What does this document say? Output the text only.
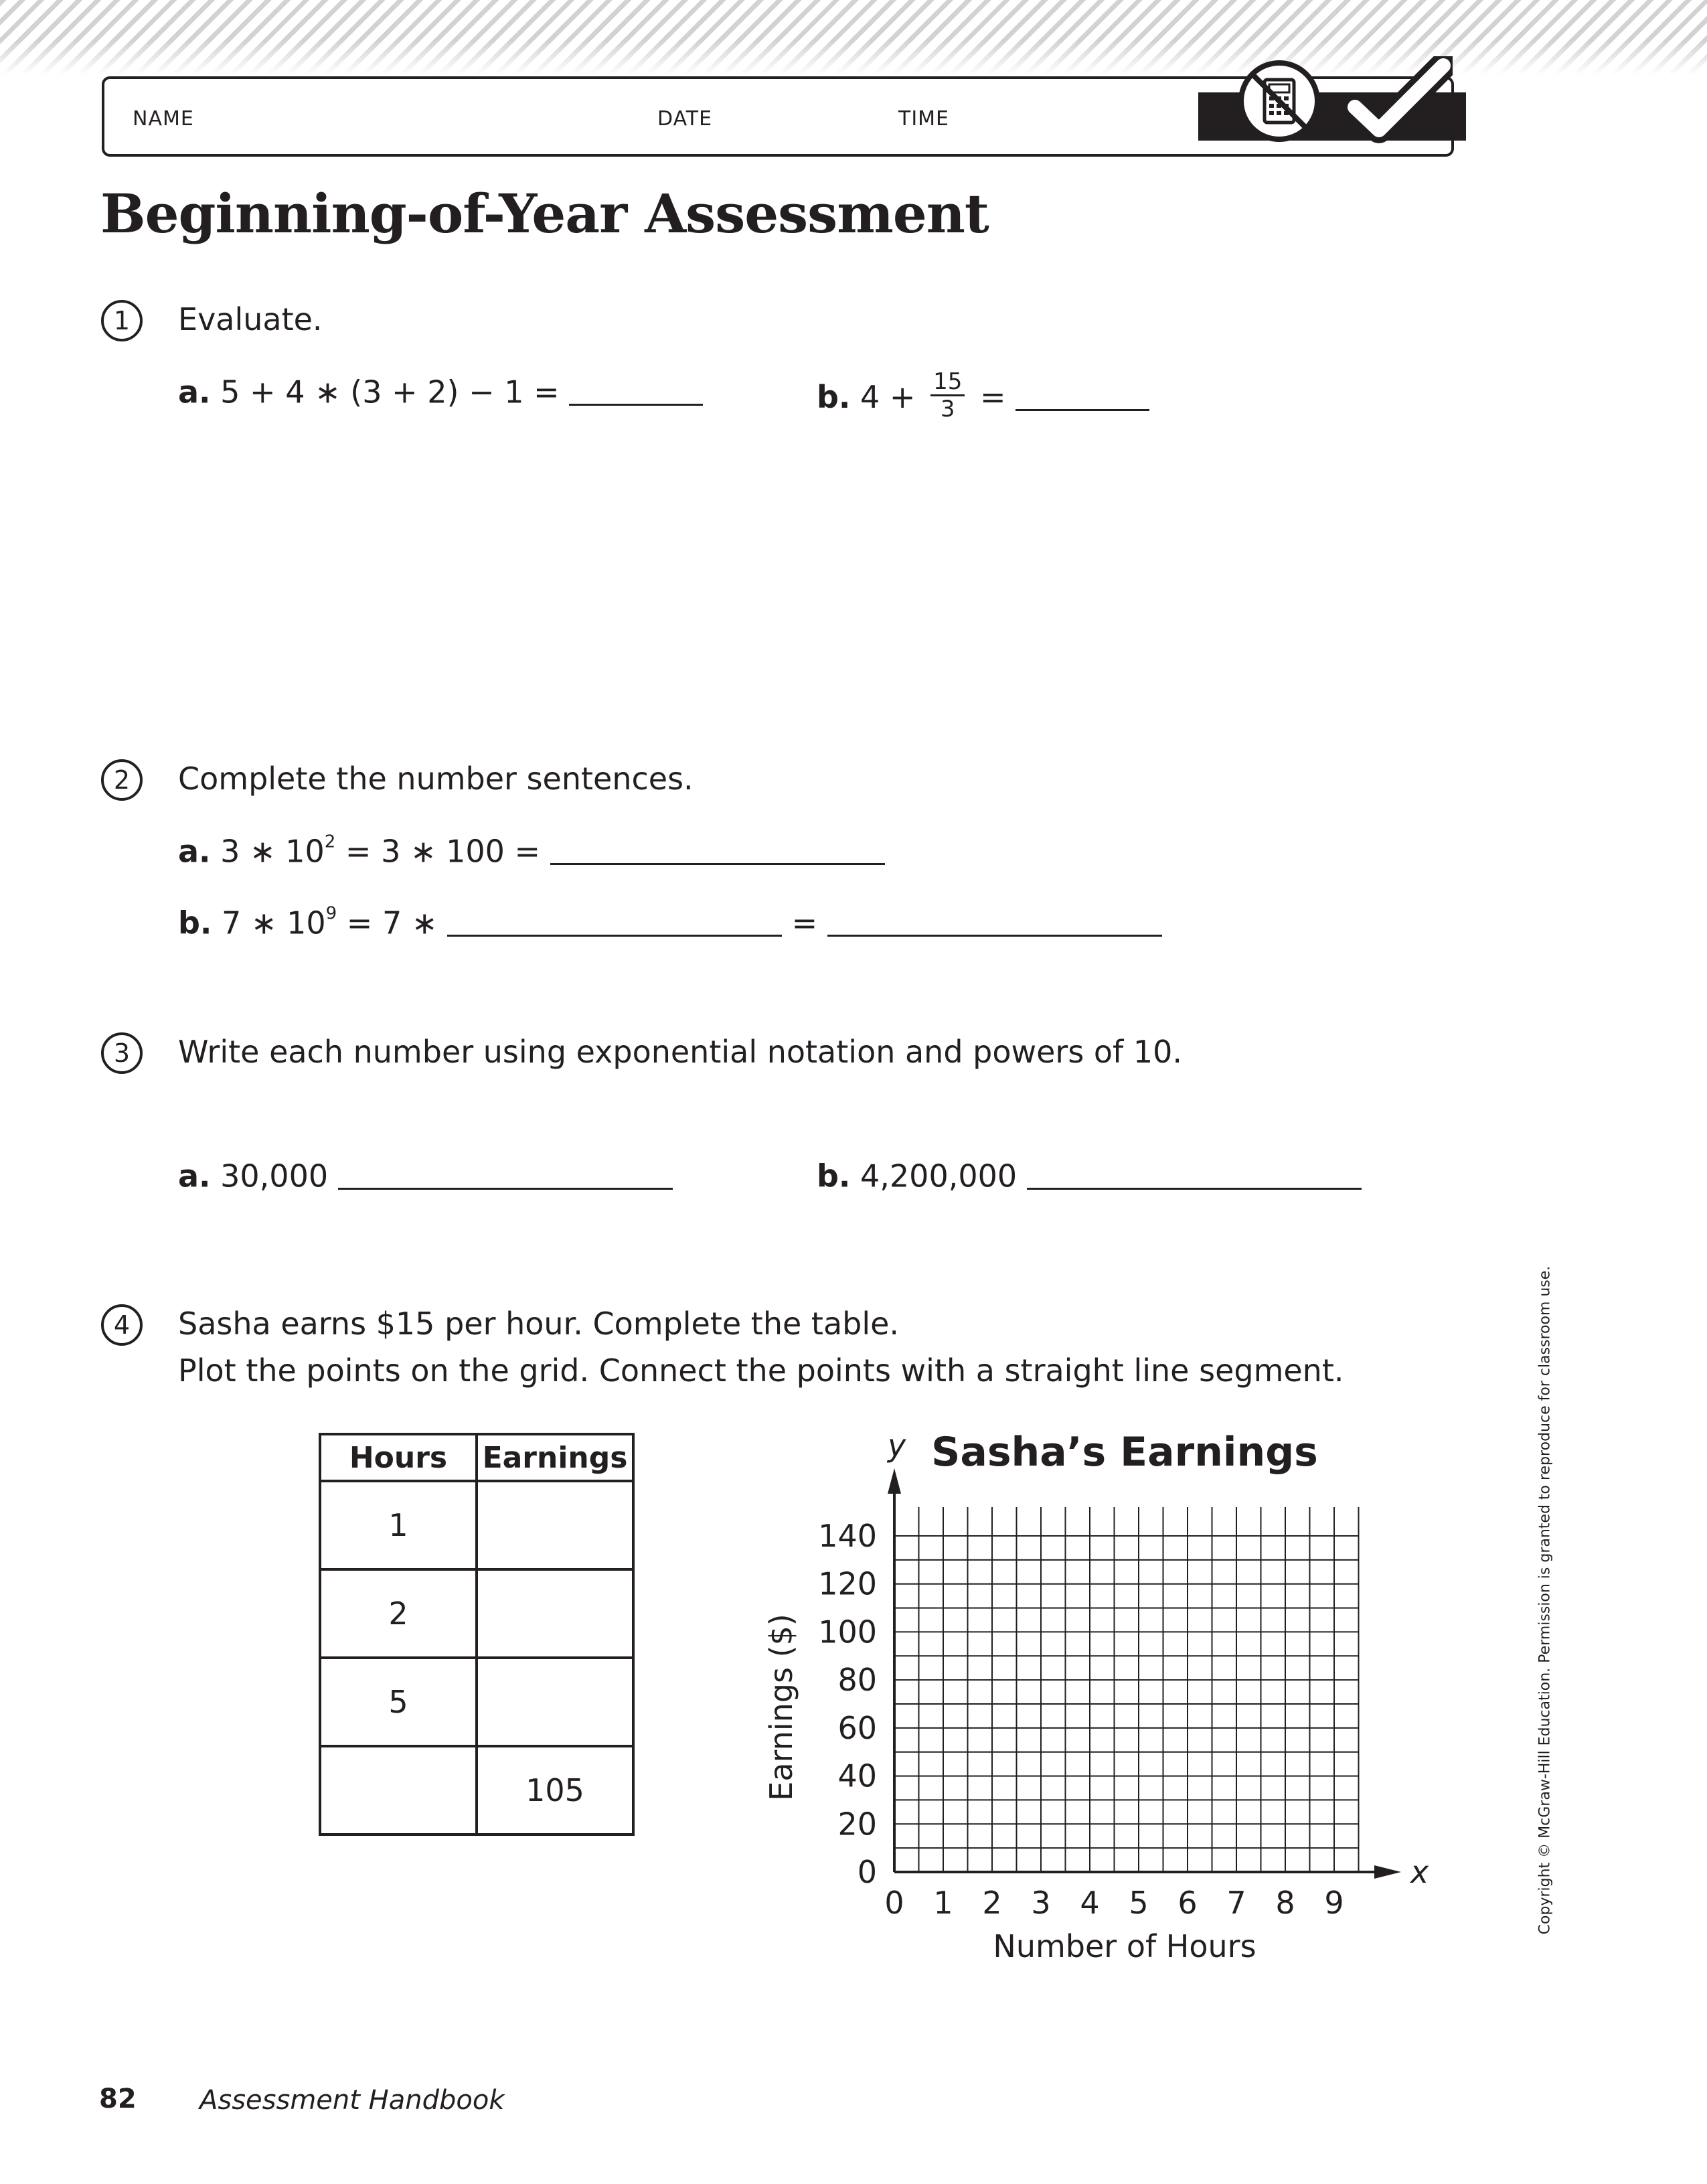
NAME	DATE	TIME
Beginning-of-Year Assessment
1	Evaluate.
a. 5 + 4 ∗ (3 + 2) − 1 =	b. $4 + \frac{15}{3}$ =
2	Complete the number sentences.
a. 3 ∗ $10^2 = 3$ ∗ 100 =
b. 7 ∗ $10^9 = 7$ ∗	=
3	Write each number using exponential notation and powers of 10.
a. 30,000	b. 4,200,000
4	Sasha earns $15 per hour. Complete the table.
Plot the points on the grid. Connect the points with a straight line segment.
Hours	Earnings
1	
2	
5	
	105
Sasha’s Earnings
x
y
0 1 2 3 4 5 6 7 8 9
0
20
40
60
80
100
120
140
Number of Hours
Earnings ($)	Copyright © McGraw-Hill Education. Permission is granted to reproduce for classroom use.
82 Assessment Handbook
